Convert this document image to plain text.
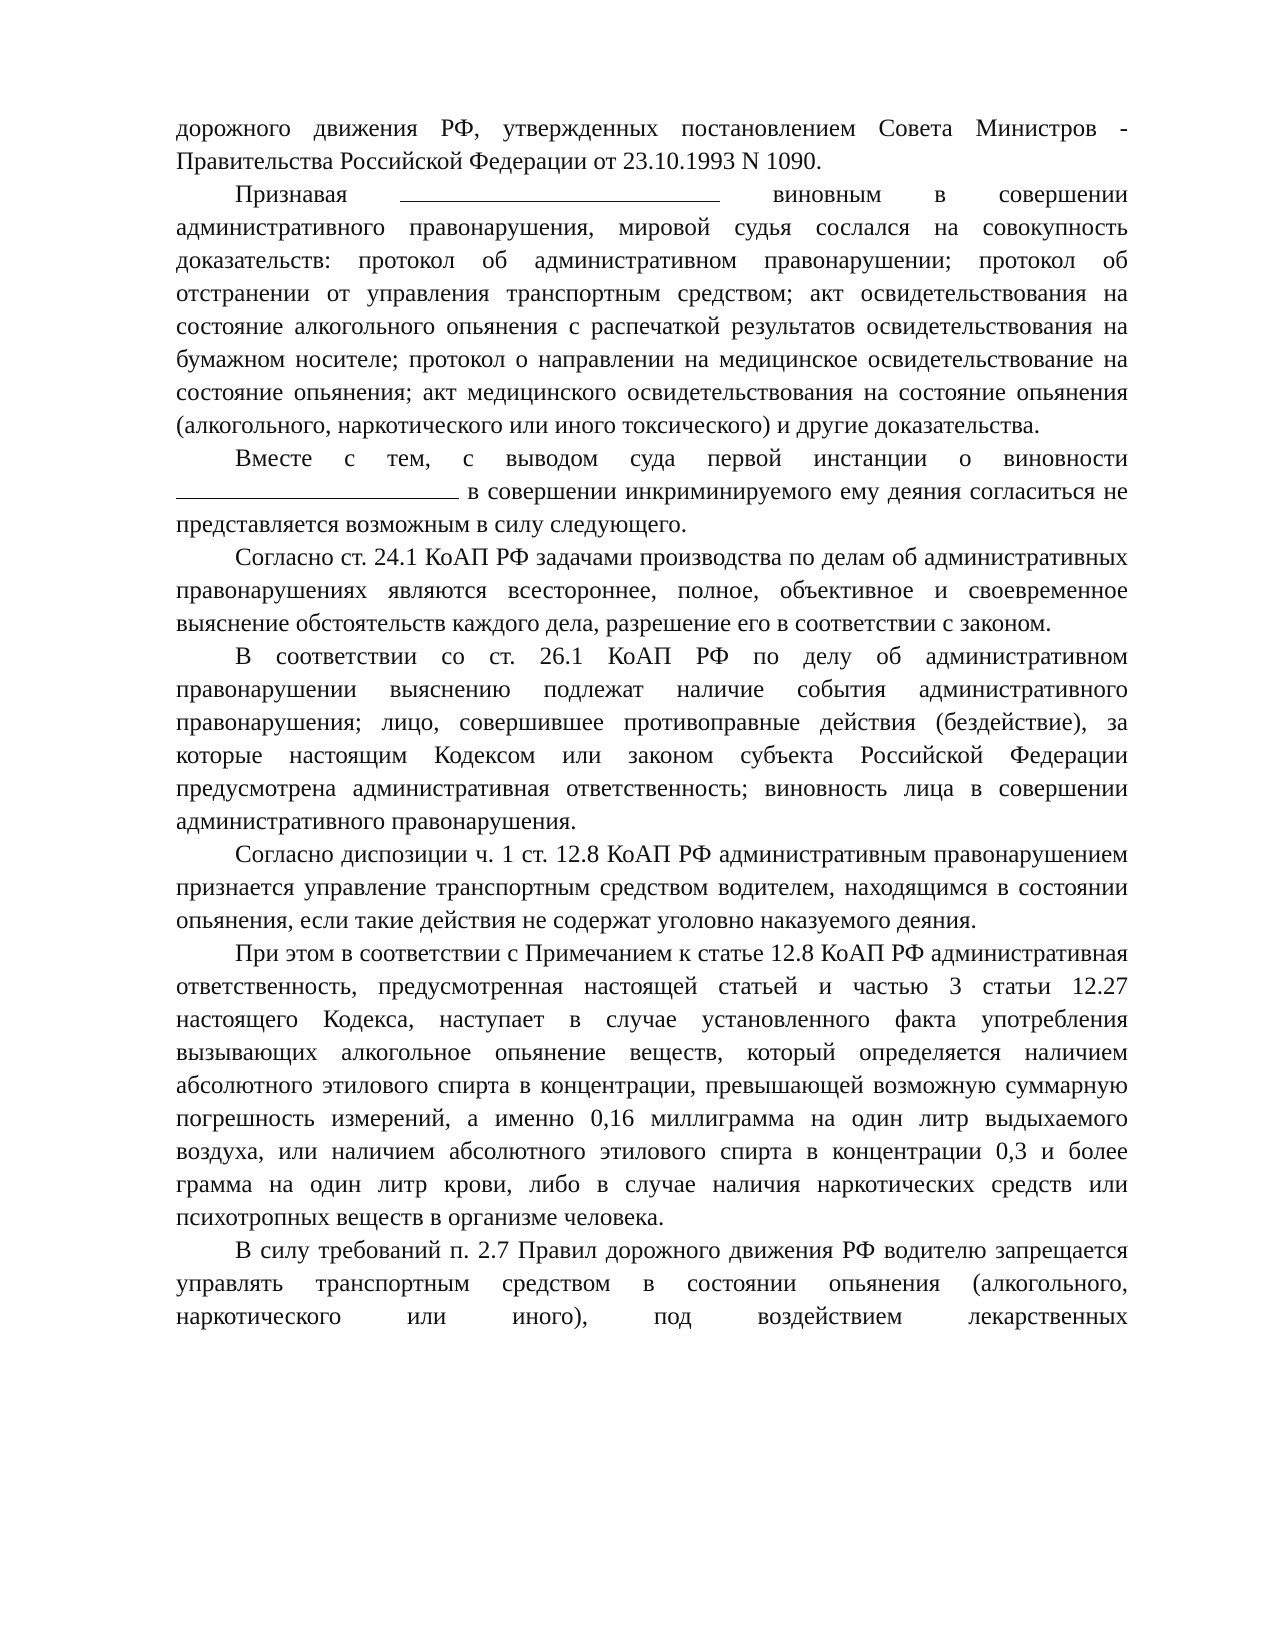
дорожного движения РФ, утвержденных постановлением Совета Министров - Правительства Российской Федерации от 23.10.1993 N 1090.

Признавая	виновным в совершении административного правонарушения, мировой судья сослался на совокупность доказательств: протокол об административном правонарушении; протокол об отстранении от управления транспортным средством; акт освидетельствования на состояние алкогольного опьянения с распечаткой результатов освидетельствования на бумажном носителе; протокол о направлении на медицинское освидетельствование на состояние опьянения; акт медицинского освидетельствования на состояние опьянения (алкогольного, наркотического или иного токсического) и другие доказательства.

Вместе с тем, с выводом суда первой инстанции о виновности  в совершении инкриминируемого ему деяния согласиться не представляется возможным в силу следующего.

Согласно ст. 24.1 КоАП РФ задачами производства по делам об административных правонарушениях являются всестороннее, полное, объективное и своевременное выяснение обстоятельств каждого дела, разрешение его в соответствии с законом.

В соответствии со ст. 26.1 КоАП РФ по делу об административном правонарушении выяснению подлежат наличие события административного правонарушения; лицо, совершившее противоправные действия (бездействие), за которые настоящим Кодексом или законом субъекта Российской Федерации предусмотрена административная ответственность; виновность лица в совершении административного правонарушения.

Согласно диспозиции ч. 1 ст. 12.8 КоАП РФ административным правонарушением признается управление транспортным средством водителем, находящимся в состоянии опьянения, если такие действия не содержат уголовно наказуемого деяния.

При этом в соответствии с Примечанием к статье 12.8 КоАП РФ административная ответственность, предусмотренная настоящей статьей и частью 3 статьи 12.27 настоящего Кодекса, наступает в случае установленного факта употребления вызывающих алкогольное опьянение веществ, который определяется наличием абсолютного этилового спирта в концентрации, превышающей возможную суммарную погрешность измерений, а именно 0,16 миллиграмма на один литр выдыхаемого воздуха, или наличием абсолютного этилового спирта в концентрации 0,3 и более грамма на один литр крови, либо в случае наличия наркотических средств или психотропных веществ в организме человека.

В силу требований п. 2.7 Правил дорожного движения РФ водителю запрещается управлять транспортным средством в состоянии опьянения (алкогольного, наркотического или иного), под воздействием лекарственных
